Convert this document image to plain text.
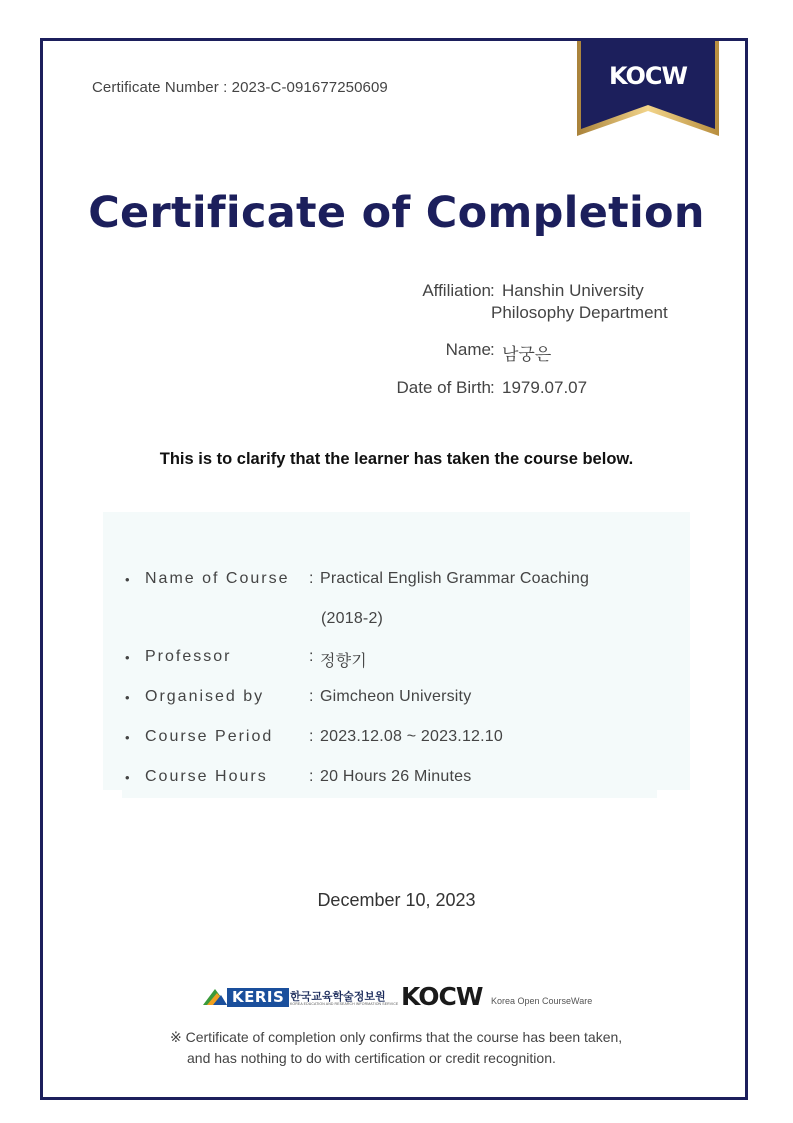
Certificate Number : 2023-C-091677250609	KOCW
Certificate of Completion
Affiliation : Hanshin University
Philosophy Department
Name : 남궁은
Date of Birth : 1979.07.07
This is to clarify that the learner has taken the course below.
• Name of Course : Practical English Grammar Coaching
(2018-2)
• Professor	: 정향기
• Organised by	: Gimcheon University
• Course Period : 2023.12.08 ~ 2023.12.10
• Course Hours	: 20 Hours 26 Minutes
December 10, 2023
KERIS 한국교육학술정보원
KOREA EDUCATION AND RESEARCH INFORMATION SERVICE KOCW Korea Open CourseWare
※ Certificate of completion only confirms that the course has been taken,
and has nothing to do with certification or credit recognition.
